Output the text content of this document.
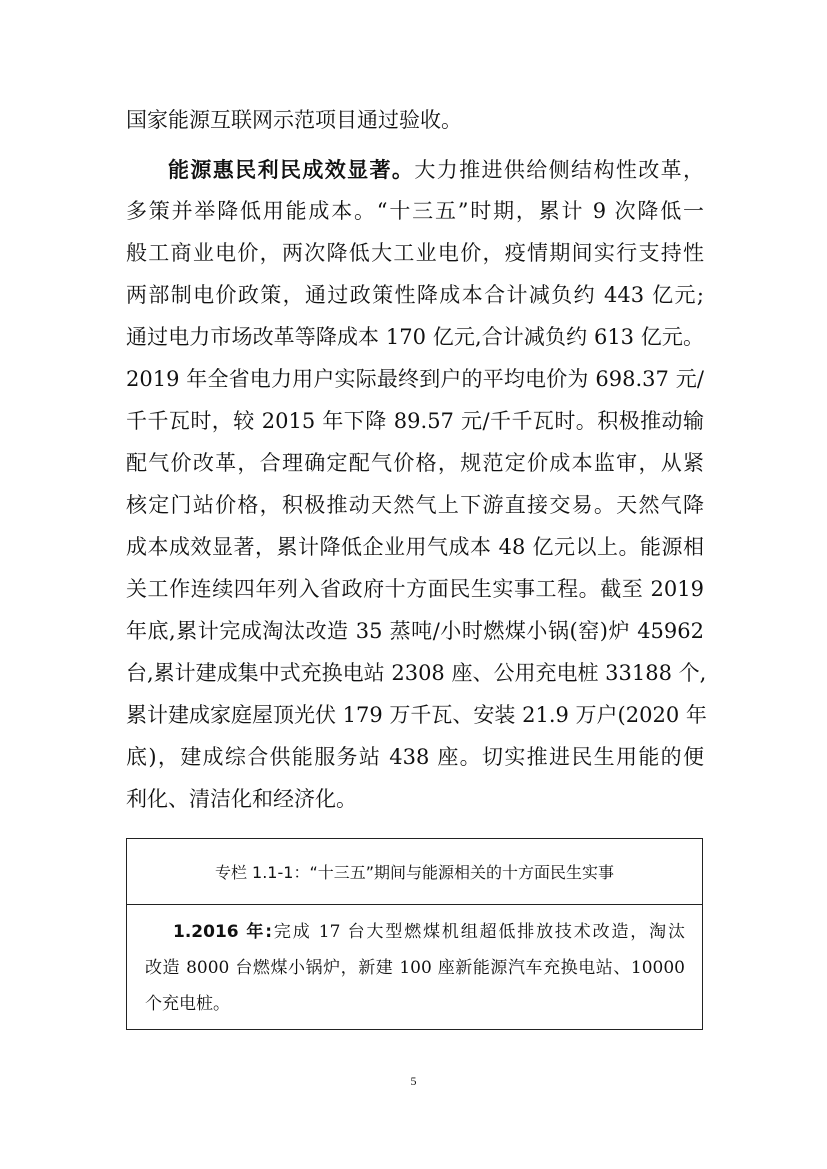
国家能源互联网示范项目通过验收。

能源惠民利民成效显著。大力推进供给侧结构性改革，

多策并举降低用能成本。“十三五”时期，累计 9 次降低一

般工商业电价，两次降低大工业电价，疫情期间实行支持性

两部制电价政策，通过政策性降成本合计减负约 443 亿元;

通过电力市场改革等降成本 170 亿元,合计减负约 613 亿元。

2019 年全省电力用户实际最终到户的平均电价为 698.37 元/

千千瓦时，较 2015 年下降 89.57 元/千千瓦时。积极推动输

配气价改革，合理确定配气价格，规范定价成本监审，从紧

核定门站价格，积极推动天然气上下游直接交易。天然气降

成本成效显著，累计降低企业用气成本 48 亿元以上。能源相

关工作连续四年列入省政府十方面民生实事工程。截至 2019

年底,累计完成淘汰改造 35 蒸吨/小时燃煤小锅(窑)炉 45962

台,累计建成集中式充换电站 2308 座、公用充电桩 33188 个,

累计建成家庭屋顶光伏 179 万千瓦、安装 21.9 万户(2020 年

底)，建成综合供能服务站 438 座。切实推进民生用能的便

利化、清洁化和经济化。

专栏 1.1-1：“十三五”期间与能源相关的十方面民生实事

1.2016 年:完成 17 台大型燃煤机组超低排放技术改造，淘汰

改造 8000 台燃煤小锅炉，新建 100 座新能源汽车充换电站、10000

个充电桩。

5
